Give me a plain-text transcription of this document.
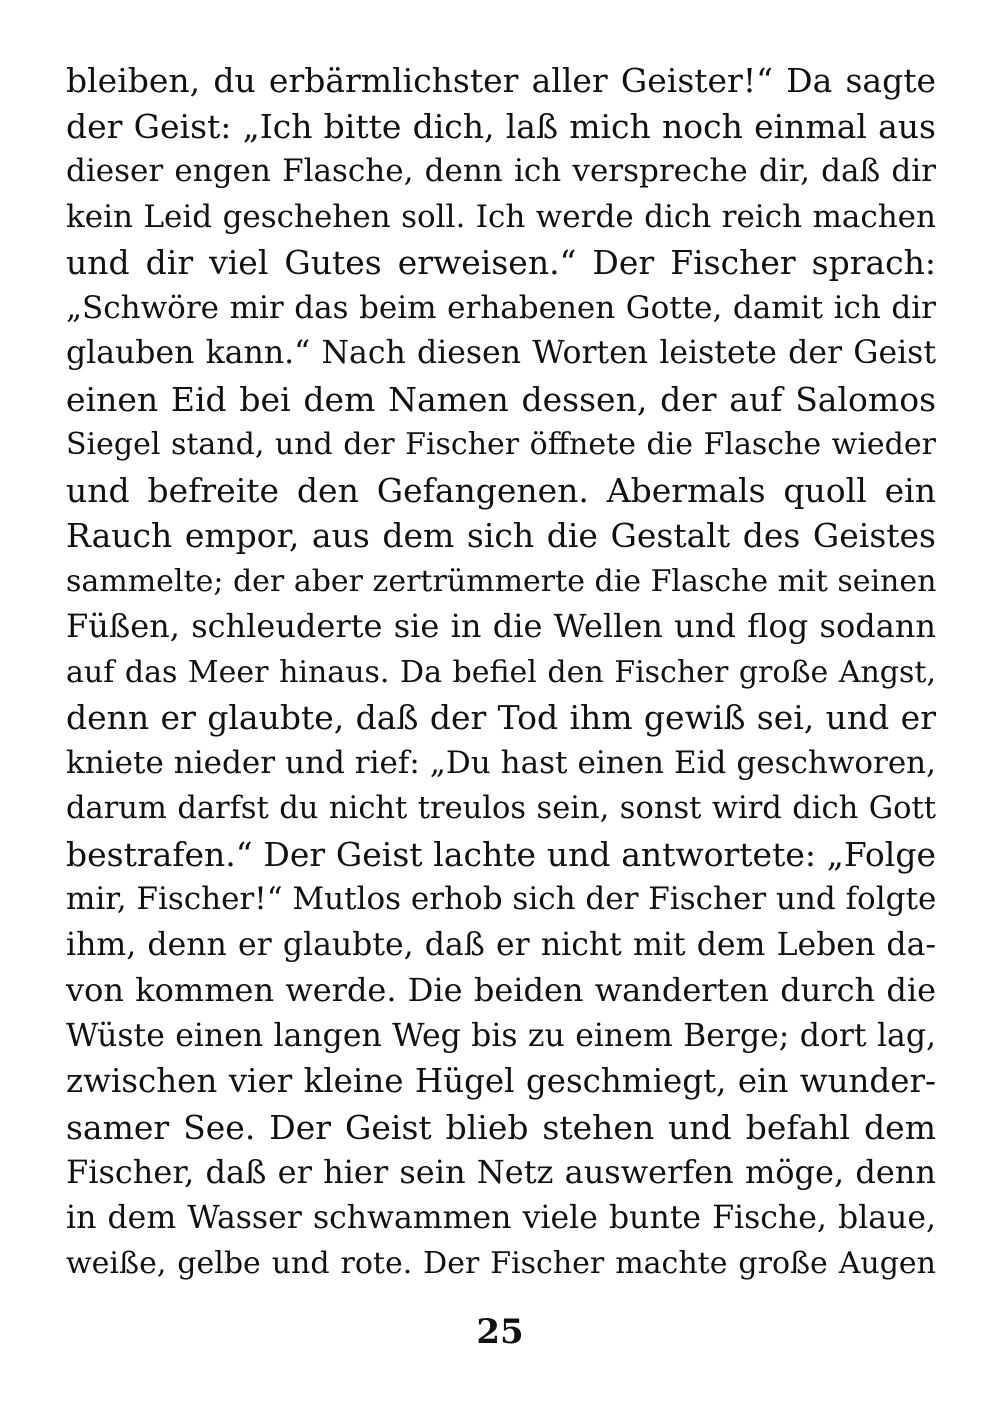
bleiben, du erbärmlichster aller Geister!“ Da sagte
der Geist: „Ich bitte dich, laß mich noch einmal aus
dieser engen Flasche, denn ich verspreche dir, daß dir
kein Leid geschehen soll. Ich werde dich reich machen
und dir viel Gutes erweisen.“ Der Fischer sprach:
„Schwöre mir das beim erhabenen Gotte, damit ich dir
glauben kann.“ Nach diesen Worten leistete der Geist
einen Eid bei dem Namen dessen, der auf Salomos
Siegel stand, und der Fischer öffnete die Flasche wieder
und befreite den Gefangenen. Abermals quoll ein
Rauch empor, aus dem sich die Gestalt des Geistes
sammelte; der aber zertrümmerte die Flasche mit seinen
Füßen, schleuderte sie in die Wellen und flog sodann
auf das Meer hinaus. Da befiel den Fischer große Angst,
denn er glaubte, daß der Tod ihm gewiß sei, und er
kniete nieder und rief: „Du hast einen Eid geschworen,
darum darfst du nicht treulos sein, sonst wird dich Gott
bestrafen.“ Der Geist lachte und antwortete: „Folge
mir, Fischer!“ Mutlos erhob sich der Fischer und folgte
ihm, denn er glaubte, daß er nicht mit dem Leben da-
von kommen werde. Die beiden wanderten durch die
Wüste einen langen Weg bis zu einem Berge; dort lag,
zwischen vier kleine Hügel geschmiegt, ein wunder-
samer See. Der Geist blieb stehen und befahl dem
Fischer, daß er hier sein Netz auswerfen möge, denn
in dem Wasser schwammen viele bunte Fische, blaue,
weiße, gelbe und rote. Der Fischer machte große Augen
25
